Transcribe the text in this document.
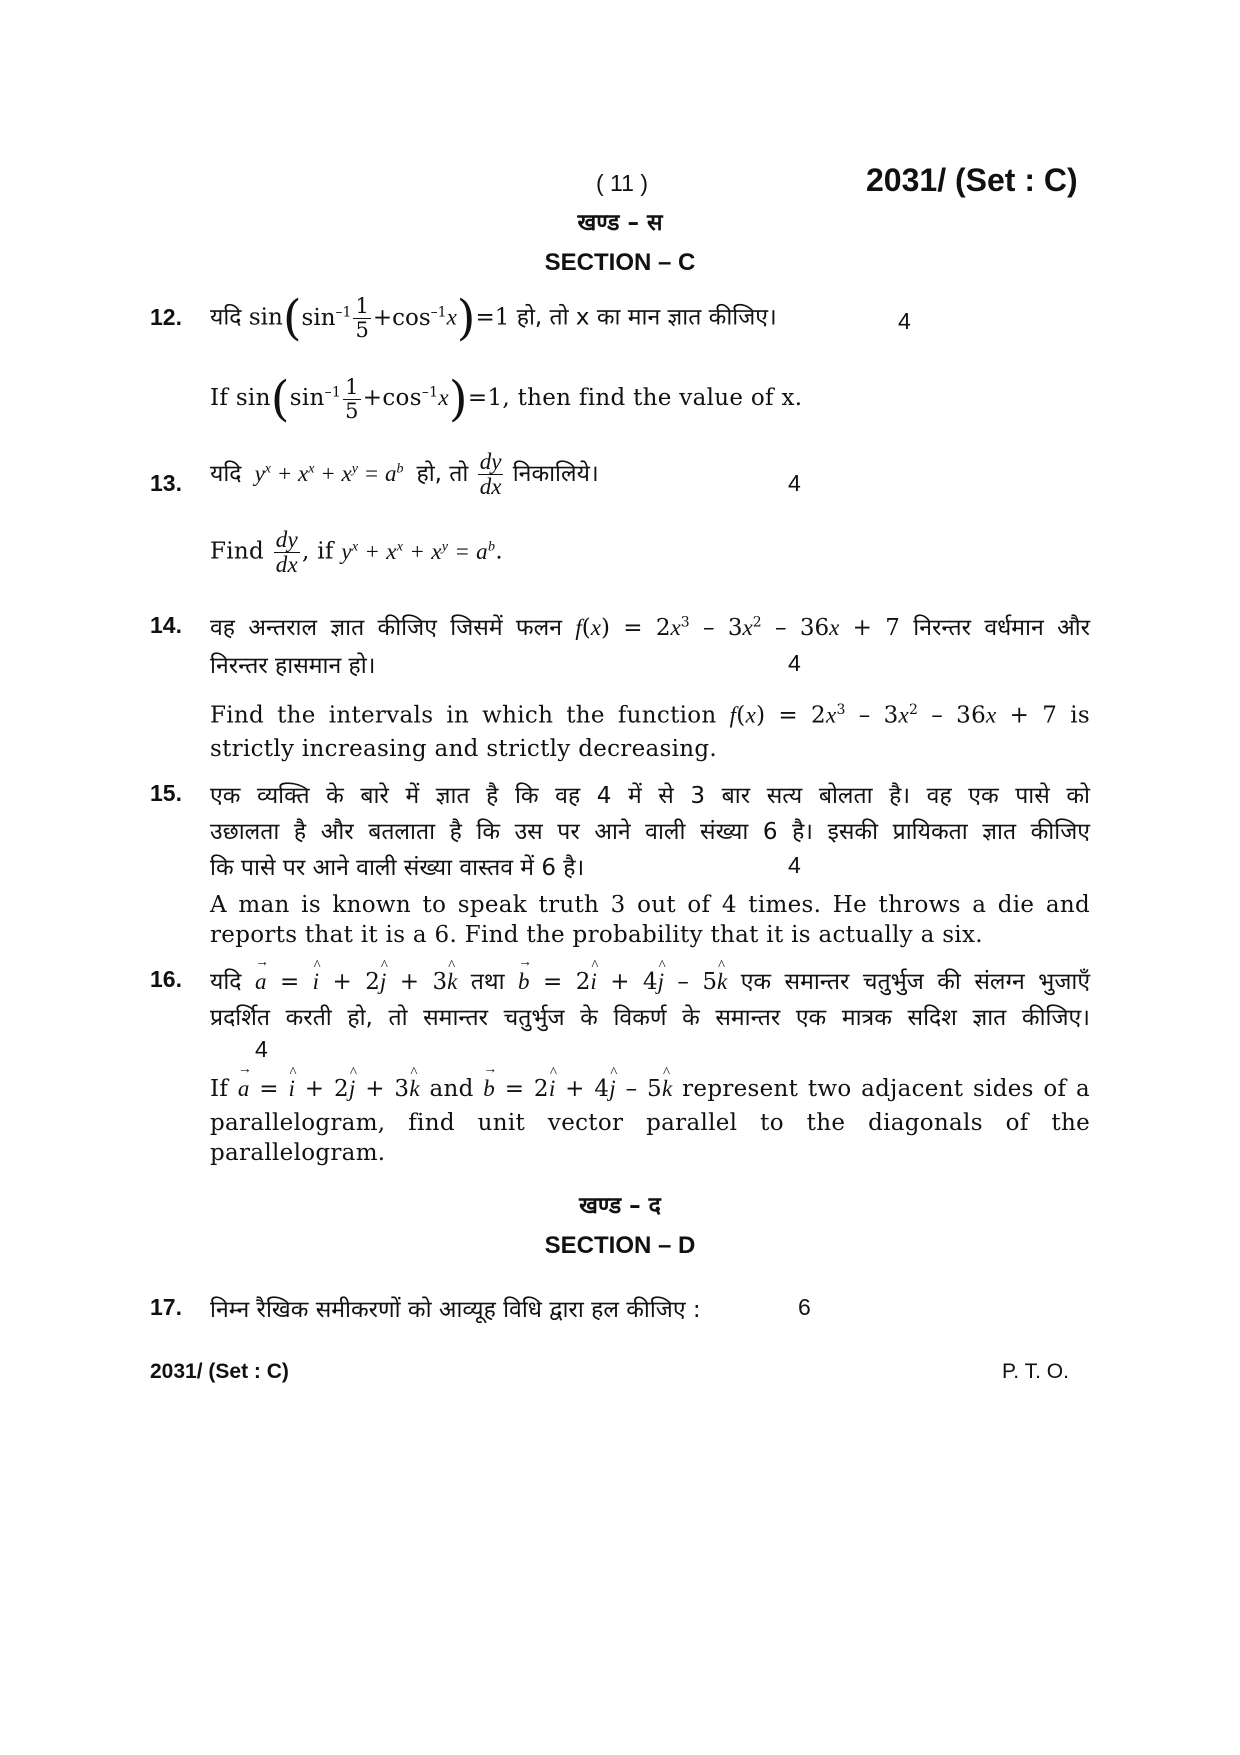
( 11 )	2031/ (Set : C)
खण्ड – स
SECTION – C
12.	यदि $\sin(\sin^{-1} \frac{1}{5} +\cos^{-1}x)=1$ हो, तो x का मान ज्ञात कीजिए।	4
If $\sin(\sin^{-1} \frac{1}{5} +\cos^{-1}x)=1$, then find the value of x.
13. यदि  $y^x + x^x + x^y = a^b$ हो, तो $\frac{dy}{dx}$ निकालिये।	4
Find $\frac{dy}{dx}$ , if $y^x + x^x + x^y = a^b$.
14. वह अन्तराल ज्ञात कीजिए जिसमें फलन $f(x) = 2x^3 - 3x^2 - 36x + 7$ निरन्तर वर्धमान और
निरन्तर हासमान हो।	4
Find the intervals in which the function $f(x) = 2x^3 - 3x^2 - 36x + 7$ is
strictly increasing and strictly decreasing.
15. एक व्यक्ति के बारे में ज्ञात है कि वह 4 में से 3 बार सत्य बोलता है। वह एक पासे को
उछालता है और बतलाता है कि उस पर आने वाली संख्या 6 है। इसकी प्रायिकता ज्ञात कीजिए
कि पासे पर आने वाली संख्या वास्तव में 6 है।	4
A man is known to speak truth 3 out of 4 times. He throws a die and
reports that it is a 6. Find the probability that it is actually a six.
16. यदि → a = ^ i + 2^ j + 3^ k तथा → b = 2^ i + 4^ j – 5^ k एक समान्तर चतुर्भुज की संलग्न भुजाएँ
प्रदर्शित करती हो, तो समान्तर चतुर्भुज के विकर्ण के समान्तर एक मात्रक सदिश ज्ञात कीजिए।
4
If → a = ^ i + 2^ j + 3^ k and → b = 2^ i + 4^ j – 5^ k represent two adjacent sides of a
parallelogram, find unit vector parallel to the diagonals of the
parallelogram.
खण्ड – द
SECTION – D
17. निम्न रैखिक समीकरणों को आव्यूह विधि द्वारा हल कीजिए :	6
2031/ (Set : C)	P. T. O.
